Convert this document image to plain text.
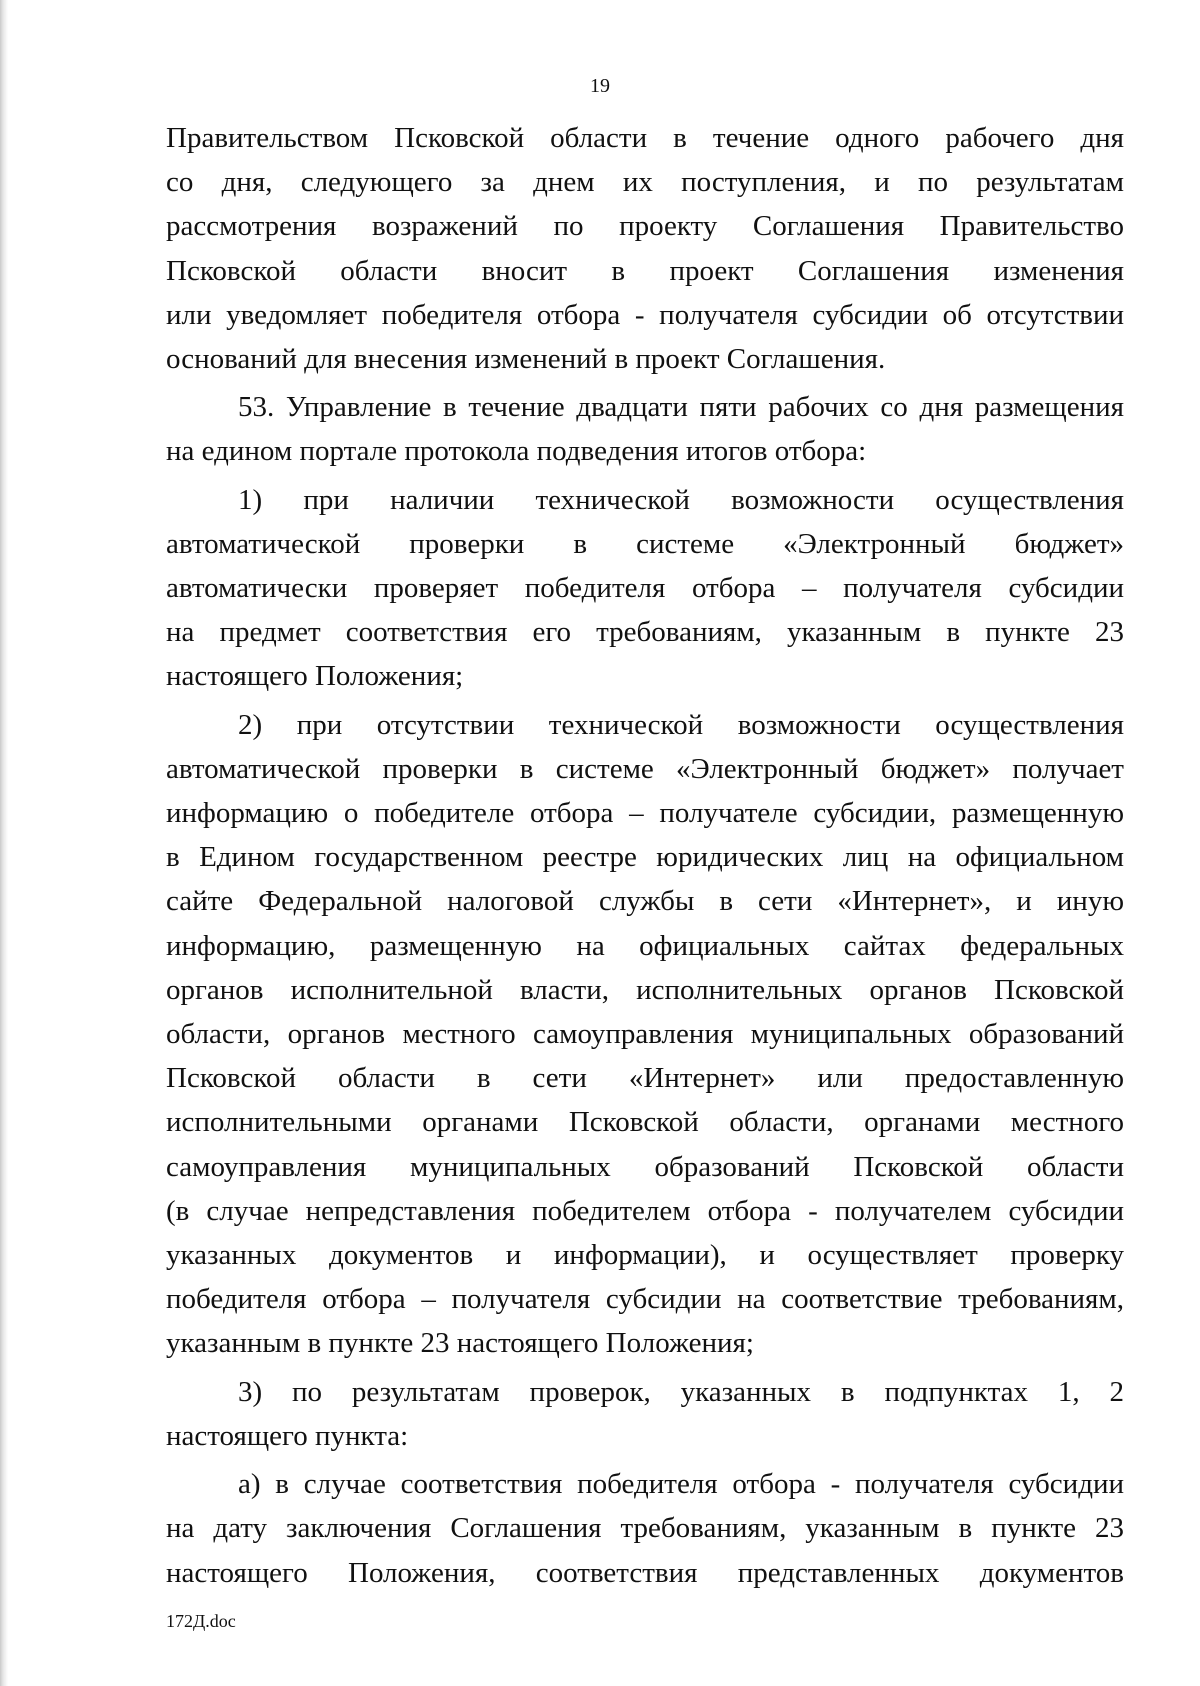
19
Правительством Псковской области в течение одного рабочего дня
со дня, следующего за днем их поступления, и по результатам
рассмотрения возражений по проекту Соглашения Правительство
Псковской области вносит в проект Соглашения изменения
или уведомляет победителя отбора - получателя субсидии об отсутствии
оснований для внесения изменений в проект Соглашения.
53. Управление в течение двадцати пяти рабочих со дня размещения
на едином портале протокола подведения итогов отбора:
1) при наличии технической возможности осуществления
автоматической проверки в системе «Электронный бюджет»
автоматически проверяет победителя отбора – получателя субсидии
на предмет соответствия его требованиям, указанным в пункте 23
настоящего Положения;
2) при отсутствии технической возможности осуществления
автоматической проверки в системе «Электронный бюджет» получает
информацию о победителе отбора – получателе субсидии, размещенную
в Едином государственном реестре юридических лиц на официальном
сайте Федеральной налоговой службы в сети «Интернет», и иную
информацию, размещенную на официальных сайтах федеральных
органов исполнительной власти, исполнительных органов Псковской
области, органов местного самоуправления муниципальных образований
Псковской области в сети «Интернет» или предоставленную
исполнительными органами Псковской области, органами местного
самоуправления муниципальных образований Псковской области
(в случае непредставления победителем отбора - получателем субсидии
указанных документов и информации), и осуществляет проверку
победителя отбора – получателя субсидии на соответствие требованиям,
указанным в пункте 23 настоящего Положения;
3) по результатам проверок, указанных в подпунктах 1, 2
настоящего пункта:
а) в случае соответствия победителя отбора - получателя субсидии
на дату заключения Соглашения требованиям, указанным в пункте 23
настоящего Положения, соответствия представленных документов
172Д.doc
